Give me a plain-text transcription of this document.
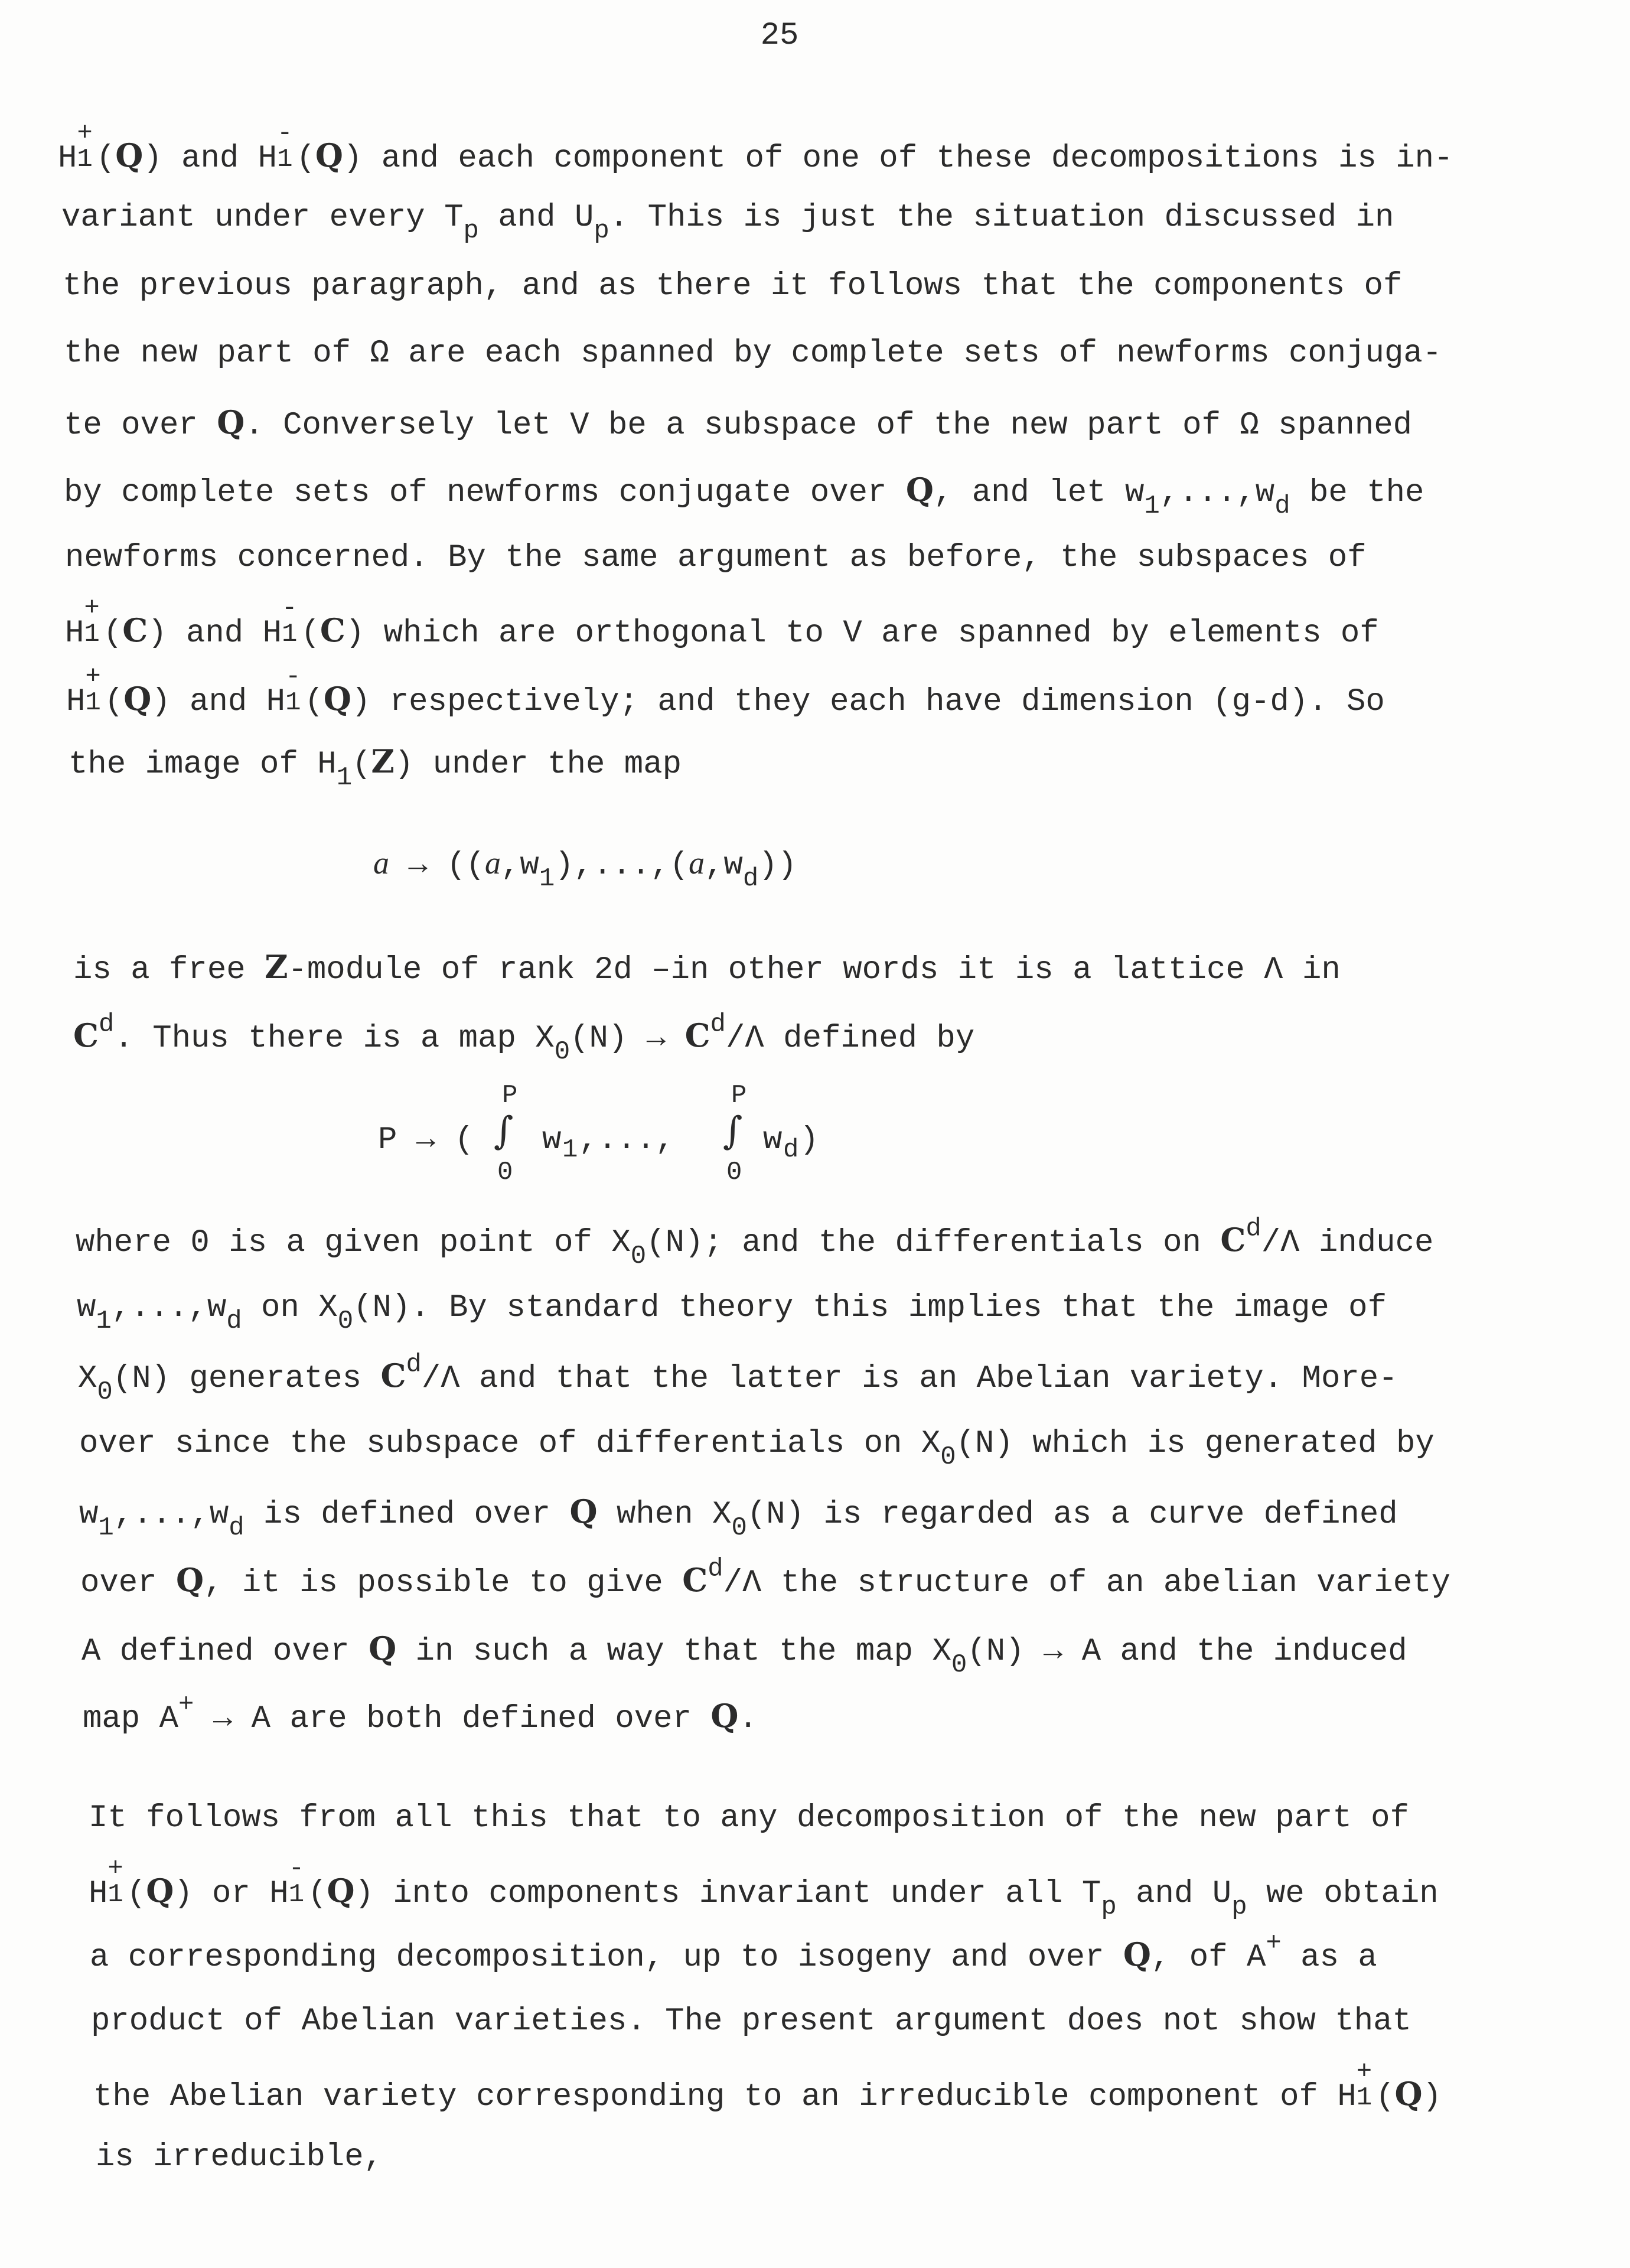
25
H
+
1 (Q) and H
-
1 (Q) and each component of one of these decompositions is in-
variant under every $T_p$ and $U_p$. This is just the situation discussed in
the previous paragraph, and as there it follows that the components of
the new part of Ω are each spanned by complete sets of newforms conjuga-
te over Q. Conversely let V be a subspace of the new part of Ω spanned
by complete sets of newforms conjugate over Q, and let $w_1,...,w_d$ be the
newforms concerned. By the same argument as before, the subspaces of
H
+
1 (C) and H
-
1 (C) which are orthogonal to V are spanned by elements of
H
+
1 (Q) and H
-
1 (Q) respectively; and they each have dimension (g-d). So
the image of $H_1(Z)$ under the map
$a \to ((a,w_1),...,(a,w_d))$
is a free Z-module of rank 2d –in other words it is a lattice Λ in
$C^d$. Thus there is a map $X_0(N) \to C^d/\Lambda$ defined by
P → (
P
∫
0
w 1 ,...,
P
∫
0
w d )
where 0 is a given point of $X_0(N)$; and the differentials on $C^d/\Lambda$ induce
$w_1,...,w_d$ on $X_0(N)$. By standard theory this implies that the image of
$X_0(N)$ generates $C^d/\Lambda$ and that the latter is an Abelian variety. More-
over since the subspace of differentials on $X_0(N)$ which is generated by
$w_1,...,w_d$ is defined over Q when $X_0(N)$ is regarded as a curve defined
over Q, it is possible to give $C^d/\Lambda$ the structure of an abelian variety
A defined over Q in such a way that the map $X_0(N) \to A$ and the induced
map A+ → A are both defined over Q.
It follows from all this that to any decomposition of the new part of
H
+
1 (Q) or H
-
1 (Q) into components invariant under all $T_p$ and $U_p$ we obtain
a corresponding decomposition, up to isogeny and over Q, of A+ as a
product of Abelian varieties. The present argument does not show that
the Abelian variety corresponding to an irreducible component of H
+
1 (Q)
is irreducible,
